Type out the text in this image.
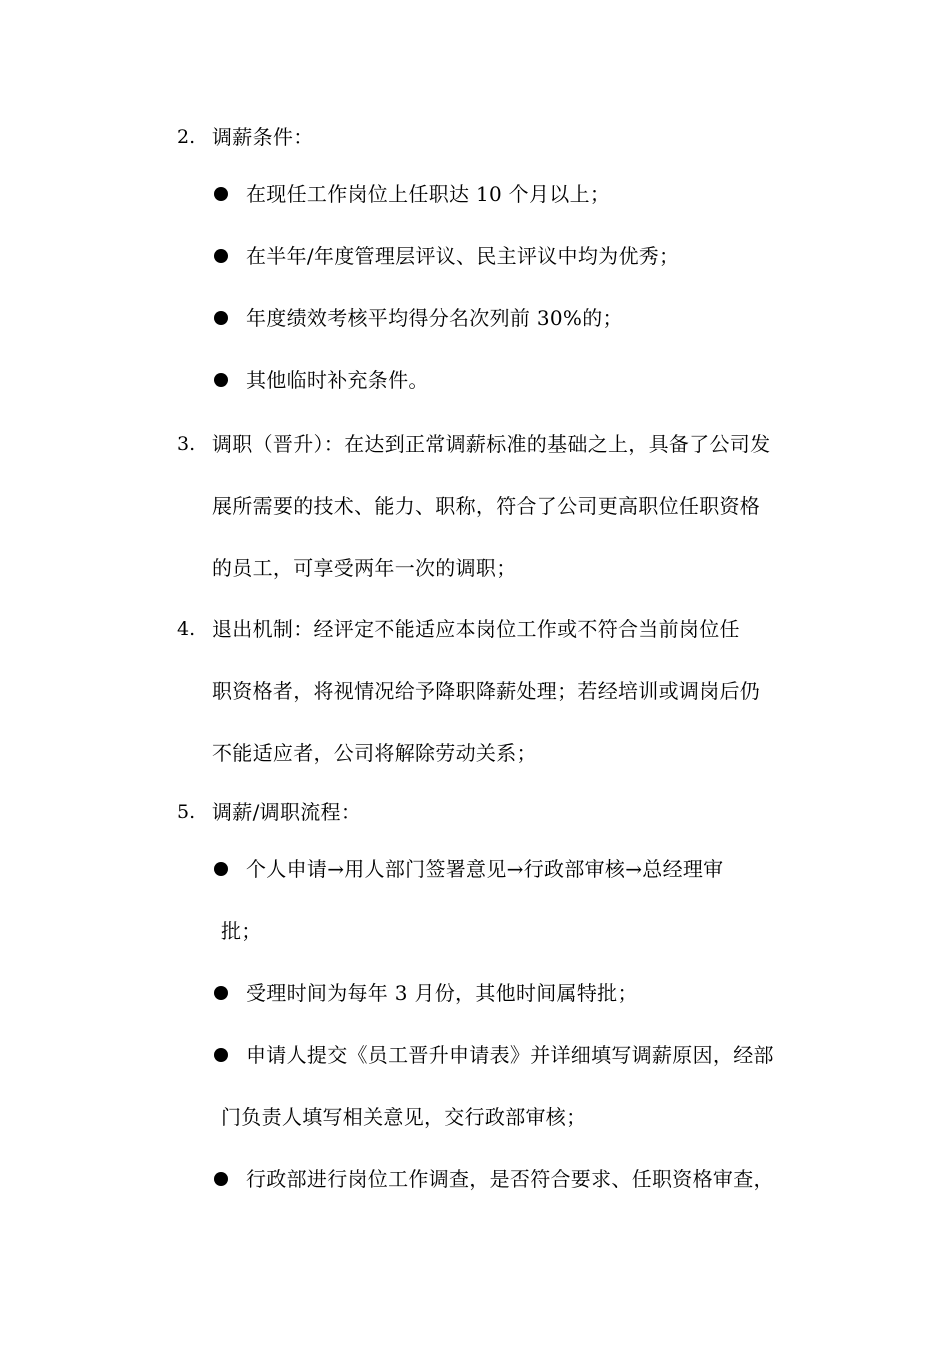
2. 调薪条件：
在现任工作岗位上任职达 10 个月以上；
在半年/年度管理层评议、民主评议中均为优秀；
年度绩效考核平均得分名次列前 30%的；
其他临时补充条件。
3. 调职（晋升）：在达到正常调薪标准的基础之上，具备了公司发
展所需要的技术、能力、职称，符合了公司更高职位任职资格
的员工，可享受两年一次的调职；
4. 退出机制：经评定不能适应本岗位工作或不符合当前岗位任
职资格者，将视情况给予降职降薪处理；若经培训或调岗后仍
不能适应者，公司将解除劳动关系；
5. 调薪/调职流程：
个人申请→用人部门签署意见→行政部审核→总经理审
批；
受理时间为每年 3 月份，其他时间属特批；
申请人提交《员工晋升申请表》并详细填写调薪原因，经部
门负责人填写相关意见，交行政部审核；
行政部进行岗位工作调查，是否符合要求、任职资格审查，
